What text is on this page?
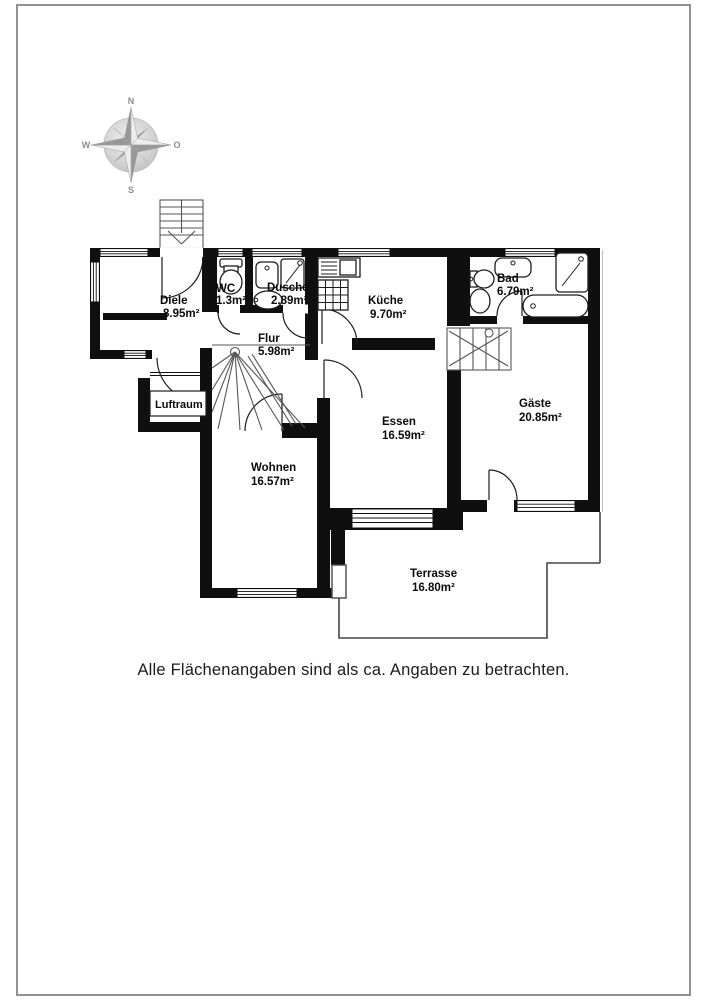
N
O
S
W
Diele
8.95m²
WC
1.3m²
Dusche
2.89m²	Küche
9.70m²
Bad
6.79m²
Flur
5.98m²
Essen
16.59m²
Wohnen
16.57m²
Gäste
20.85m²
Terrasse
16.80m²
Luftraum
Alle Flächenangaben sind als ca. Angaben zu betrachten.
